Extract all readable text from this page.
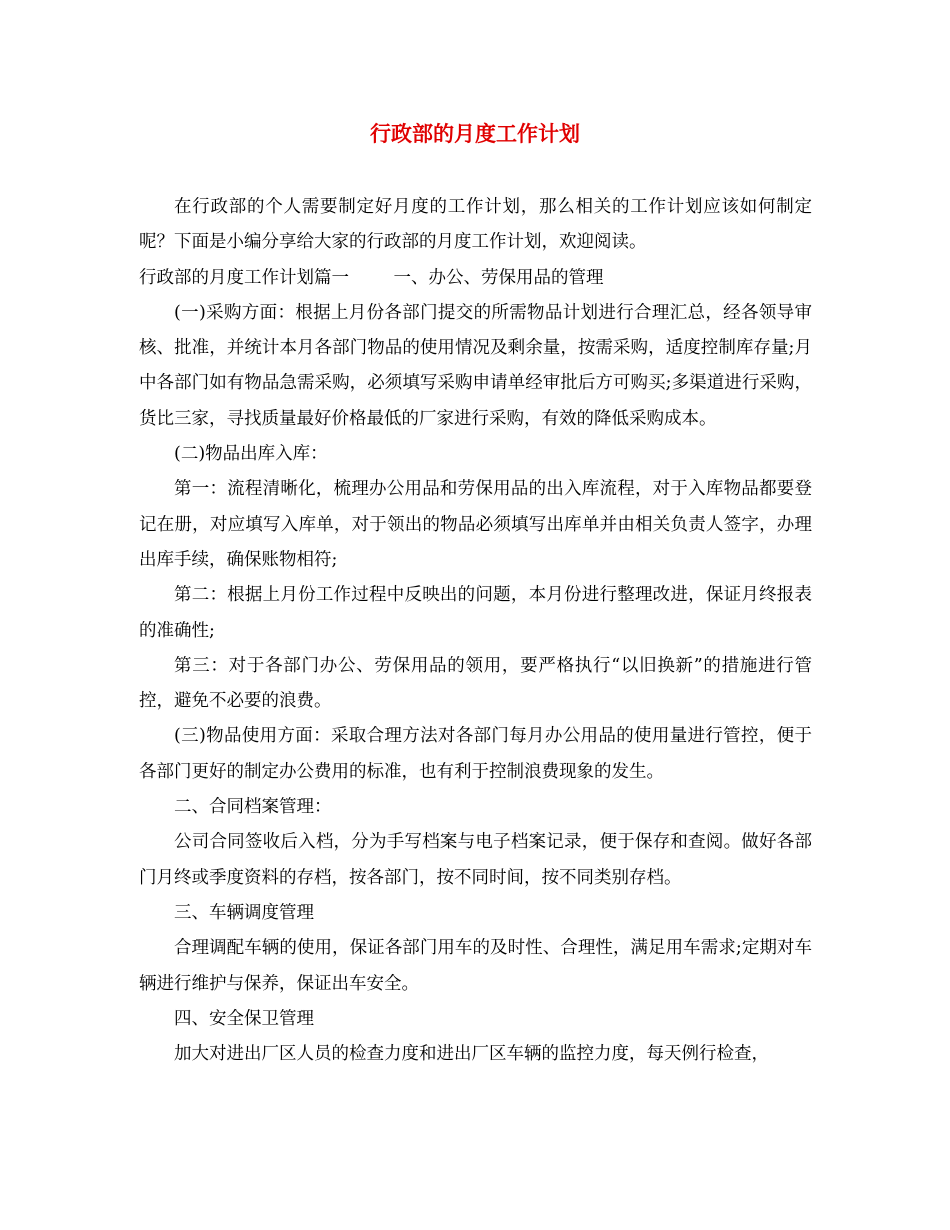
行政部的月度工作计划

在行政部的个人需要制定好月度的工作计划，那么相关的工作计划应该如何制定呢？下面是小编分享给大家的行政部的月度工作计划，欢迎阅读。

行政部的月度工作计划篇一        一、办公、劳保用品的管理

(一)采购方面：根据上月份各部门提交的所需物品计划进行合理汇总，经各领导审核、批准，并统计本月各部门物品的使用情况及剩余量，按需采购，适度控制库存量;月中各部门如有物品急需采购，必须填写采购申请单经审批后方可购买;多渠道进行采购，货比三家，寻找质量最好价格最低的厂家进行采购，有效的降低采购成本。

(二)物品出库入库：

第一：流程清晰化，梳理办公用品和劳保用品的出入库流程，对于入库物品都要登记在册，对应填写入库单，对于领出的物品必须填写出库单并由相关负责人签字，办理出库手续，确保账物相符;

第二：根据上月份工作过程中反映出的问题，本月份进行整理改进，保证月终报表的准确性;

第三：对于各部门办公、劳保用品的领用，要严格执行“以旧换新”的措施进行管控，避免不必要的浪费。

(三)物品使用方面：采取合理方法对各部门每月办公用品的使用量进行管控，便于各部门更好的制定办公费用的标准，也有利于控制浪费现象的发生。

二、合同档案管理：

公司合同签收后入档，分为手写档案与电子档案记录，便于保存和查阅。做好各部门月终或季度资料的存档，按各部门，按不同时间，按不同类别存档。

三、车辆调度管理

合理调配车辆的使用，保证各部门用车的及时性、合理性，满足用车需求;定期对车辆进行维护与保养，保证出车安全。

四、安全保卫管理

加大对进出厂区人员的检查力度和进出厂区车辆的监控力度，每天例行检查，
